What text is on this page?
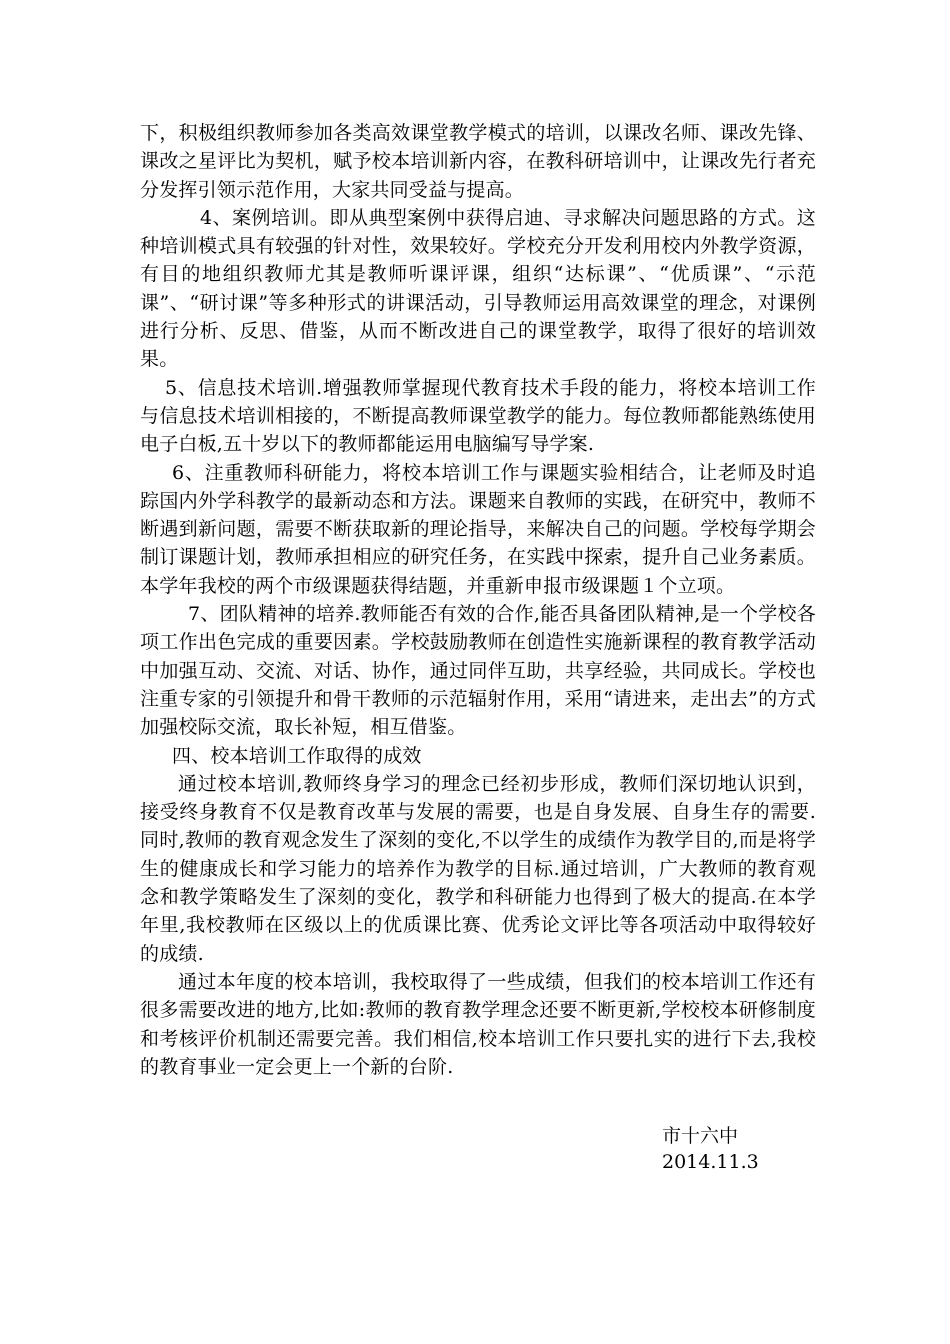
下，积极组织教师参加各类高效课堂教学模式的培训，以课改名师、课改先锋、课改之星评比为契机，赋予校本培训新内容，在教科研培训中，让课改先行者充分发挥引领示范作用，大家共同受益与提高。

4、案例培训。即从典型案例中获得启迪、寻求解决问题思路的方式。这种培训模式具有较强的针对性，效果较好。学校充分开发利用校内外教学资源，有目的地组织教师尤其是教师听课评课，组织“达标课”、“优质课”、“示范课”、“研讨课”等多种形式的讲课活动，引导教师运用高效课堂的理念，对课例进行分析、反思、借鉴，从而不断改进自己的课堂教学，取得了很好的培训效果。

5、信息技术培训.增强教师掌握现代教育技术手段的能力，将校本培训工作与信息技术培训相接的，不断提高教师课堂教学的能力。每位教师都能熟练使用电子白板,五十岁以下的教师都能运用电脑编写导学案.

6、注重教师科研能力，将校本培训工作与课题实验相结合，让老师及时追踪国内外学科教学的最新动态和方法。课题来自教师的实践，在研究中，教师不断遇到新问题，需要不断获取新的理论指导，来解决自己的问题。学校每学期会制订课题计划，教师承担相应的研究任务，在实践中探索，提升自己业务素质。本学年我校的两个市级课题获得结题，并重新申报市级课题１个立项。

7、团队精神的培养.教师能否有效的合作,能否具备团队精神,是一个学校各项工作出色完成的重要因素。学校鼓励教师在创造性实施新课程的教育教学活动中加强互动、交流、对话、协作，通过同伴互助，共享经验，共同成长。学校也注重专家的引领提升和骨干教师的示范辐射作用，采用“请进来，走出去”的方式加强校际交流，取长补短，相互借鉴。

四、校本培训工作取得的成效

通过校本培训,教师终身学习的理念已经初步形成，教师们深切地认识到，接受终身教育不仅是教育改革与发展的需要，也是自身发展、自身生存的需要.同时,教师的教育观念发生了深刻的变化,不以学生的成绩作为教学目的,而是将学生的健康成长和学习能力的培养作为教学的目标.通过培训，广大教师的教育观念和教学策略发生了深刻的变化，教学和科研能力也得到了极大的提高.在本学年里,我校教师在区级以上的优质课比赛、优秀论文评比等各项活动中取得较好的成绩.

通过本年度的校本培训，我校取得了一些成绩，但我们的校本培训工作还有很多需要改进的地方,比如:教师的教育教学理念还要不断更新,学校校本研修制度和考核评价机制还需要完善。我们相信,校本培训工作只要扎实的进行下去,我校的教育事业一定会更上一个新的台阶.

市十六中
2014.11.3
